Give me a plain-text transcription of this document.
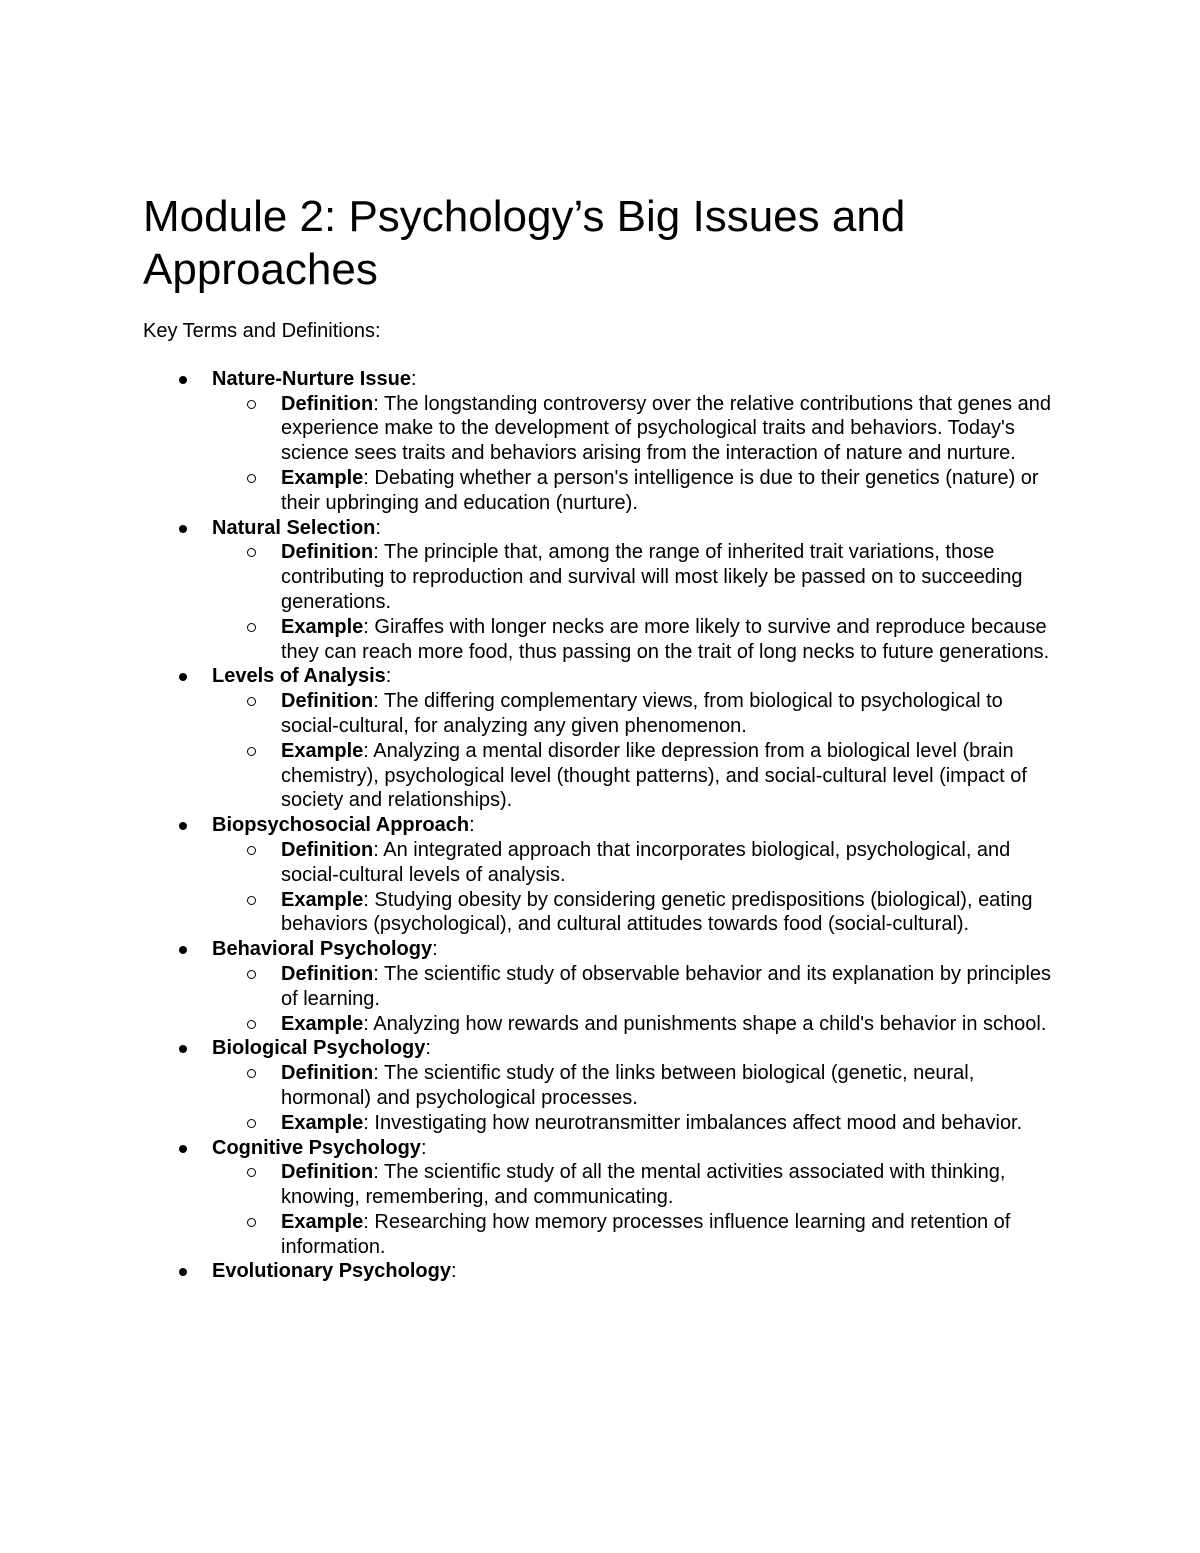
Module 2: Psychology’s Big Issues and Approaches

Key Terms and Definitions:

Nature-Nurture Issue:
Definition: The longstanding controversy over the relative contributions that genes and experience make to the development of psychological traits and behaviors. Today's science sees traits and behaviors arising from the interaction of nature and nurture.
Example: Debating whether a person's intelligence is due to their genetics (nature) or their upbringing and education (nurture).
Natural Selection:
Definition: The principle that, among the range of inherited trait variations, those contributing to reproduction and survival will most likely be passed on to succeeding generations.
Example: Giraffes with longer necks are more likely to survive and reproduce because they can reach more food, thus passing on the trait of long necks to future generations.
Levels of Analysis:
Definition: The differing complementary views, from biological to psychological to social-cultural, for analyzing any given phenomenon.
Example: Analyzing a mental disorder like depression from a biological level (brain chemistry), psychological level (thought patterns), and social-cultural level (impact of society and relationships).
Biopsychosocial Approach:
Definition: An integrated approach that incorporates biological, psychological, and social-cultural levels of analysis.
Example: Studying obesity by considering genetic predispositions (biological), eating behaviors (psychological), and cultural attitudes towards food (social-cultural).
Behavioral Psychology:
Definition: The scientific study of observable behavior and its explanation by principles of learning.
Example: Analyzing how rewards and punishments shape a child's behavior in school.
Biological Psychology:
Definition: The scientific study of the links between biological (genetic, neural, hormonal) and psychological processes.
Example: Investigating how neurotransmitter imbalances affect mood and behavior.
Cognitive Psychology:
Definition: The scientific study of all the mental activities associated with thinking, knowing, remembering, and communicating.
Example: Researching how memory processes influence learning and retention of information.
Evolutionary Psychology:
